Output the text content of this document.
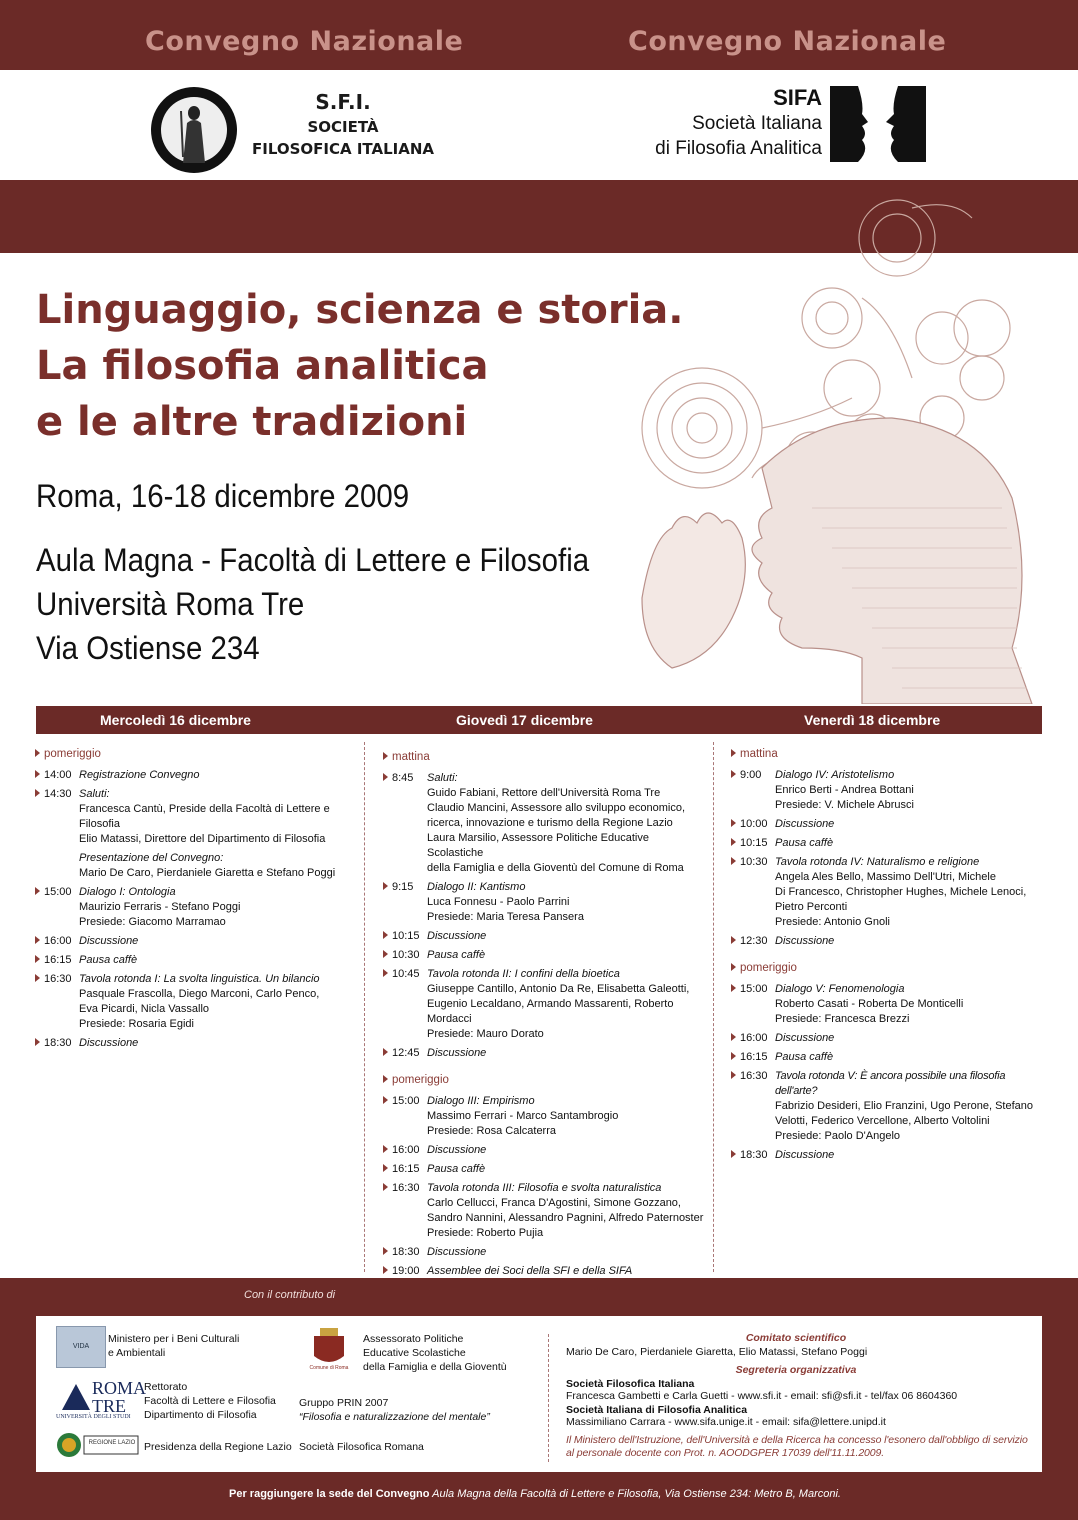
Convegno Nazionale	Convegno Nazionale
S.F.I.
SOCIETÀ
FILOSOFICA ITALIANA
SIFA
Società Italiana
di Filosofia Analitica
Linguaggio, scienza e storia.
La filosofia analitica
e le altre tradizioni
Roma, 16-18 dicembre 2009
Aula Magna - Facoltà di Lettere e Filosofia
Università Roma Tre
Via Ostiense 234
Mercoledì 16 dicembre	Giovedì 17 dicembre	Venerdì 18 dicembre
pomeriggio
14:00 Registrazione Convegno
14:30 Saluti:
Francesca Cantù, Preside della Facoltà di Lettere e Filosofia
Elio Matassi, Direttore del Dipartimento di Filosofia
Presentazione del Convegno:
Mario De Caro, Pierdaniele Giaretta e Stefano Poggi
15:00 Dialogo I: Ontologia
Maurizio Ferraris - Stefano Poggi
Presiede: Giacomo Marramao
16:00 Discussione
16:15 Pausa caffè
16:30 Tavola rotonda I: La svolta linguistica. Un bilancio
Pasquale Frascolla, Diego Marconi, Carlo Penco,
Eva Picardi, Nicla Vassallo
Presiede: Rosaria Egidi
18:30 Discussione
mattina
8:45	Saluti:
Guido Fabiani, Rettore dell'Università Roma Tre
Claudio Mancini, Assessore allo sviluppo economico,
ricerca, innovazione e turismo della Regione Lazio
Laura Marsilio, Assessore Politiche Educative Scolastiche
della Famiglia e della Gioventù del Comune di Roma
9:15	Dialogo II: Kantismo
Luca Fonnesu - Paolo Parrini
Presiede: Maria Teresa Pansera
10:15 Discussione
10:30 Pausa caffè
10:45 Tavola rotonda II: I confini della bioetica
Giuseppe Cantillo, Antonio Da Re, Elisabetta Galeotti,
Eugenio Lecaldano, Armando Massarenti, Roberto Mordacci
Presiede: Mauro Dorato
12:45 Discussione
pomeriggio
15:00 Dialogo III: Empirismo
Massimo Ferrari - Marco Santambrogio
Presiede: Rosa Calcaterra
16:00 Discussione
16:15 Pausa caffè
16:30 Tavola rotonda III: Filosofia e svolta naturalistica
Carlo Cellucci, Franca D'Agostini, Simone Gozzano,
Sandro Nannini, Alessandro Pagnini, Alfredo Paternoster
Presiede: Roberto Pujia
18:30 Discussione
19:00 Assemblee dei Soci della SFI e della SIFA
mattina
9:00	Dialogo IV: Aristotelismo
Enrico Berti - Andrea Bottani
Presiede: V. Michele Abrusci
10:00 Discussione
10:15 Pausa caffè
10:30 Tavola rotonda IV: Naturalismo e religione
Angela Ales Bello, Massimo Dell'Utri, Michele
Di Francesco, Christopher Hughes, Michele Lenoci,
Pietro Perconti
Presiede: Antonio Gnoli
12:30 Discussione
pomeriggio
15:00 Dialogo V: Fenomenologia
Roberto Casati - Roberta De Monticelli
Presiede: Francesca Brezzi
16:00 Discussione
16:15 Pausa caffè
16:30 Tavola rotonda V: È ancora possibile una filosofia dell'arte?
Fabrizio Desideri, Elio Franzini, Ugo Perone, Stefano
Velotti, Federico Vercellone, Alberto Voltolini
Presiede: Paolo D'Angelo
18:30 Discussione
Con il contributo di
VIDA
Ministero per i Beni Culturali
e Ambientali
Comune di Roma
Assessorato Politiche
Educative Scolastiche
della Famiglia e della Gioventù
ROMA
TRE
UNIVERSITÀ DEGLI STUDI
Rettorato
Facoltà di Lettere e Filosofia
Dipartimento di Filosofia
Gruppo PRIN 2007
“Filosofia e naturalizzazione del mentale”
REGIONE LAZIO Presidenza della Regione Lazio Società Filosofica Romana
Comitato scientifico
Mario De Caro, Pierdaniele Giaretta, Elio Matassi, Stefano Poggi
Segreteria organizzativa
Società Filosofica Italiana
Francesca Gambetti e Carla Guetti - www.sfi.it - email: sfi@sfi.it - tel/fax 06 8604360
Società Italiana di Filosofia Analitica
Massimiliano Carrara - www.sifa.unige.it - email: sifa@lettere.unipd.it
Il Ministero dell'Istruzione, dell'Università e della Ricerca ha concesso l'esonero dall'obbligo di servizio
al personale docente con Prot. n. AOODGPER 17039 dell'11.11.2009.
Per raggiungere la sede del Convegno Aula Magna della Facoltà di Lettere e Filosofia, Via Ostiense 234: Metro B, Marconi.
